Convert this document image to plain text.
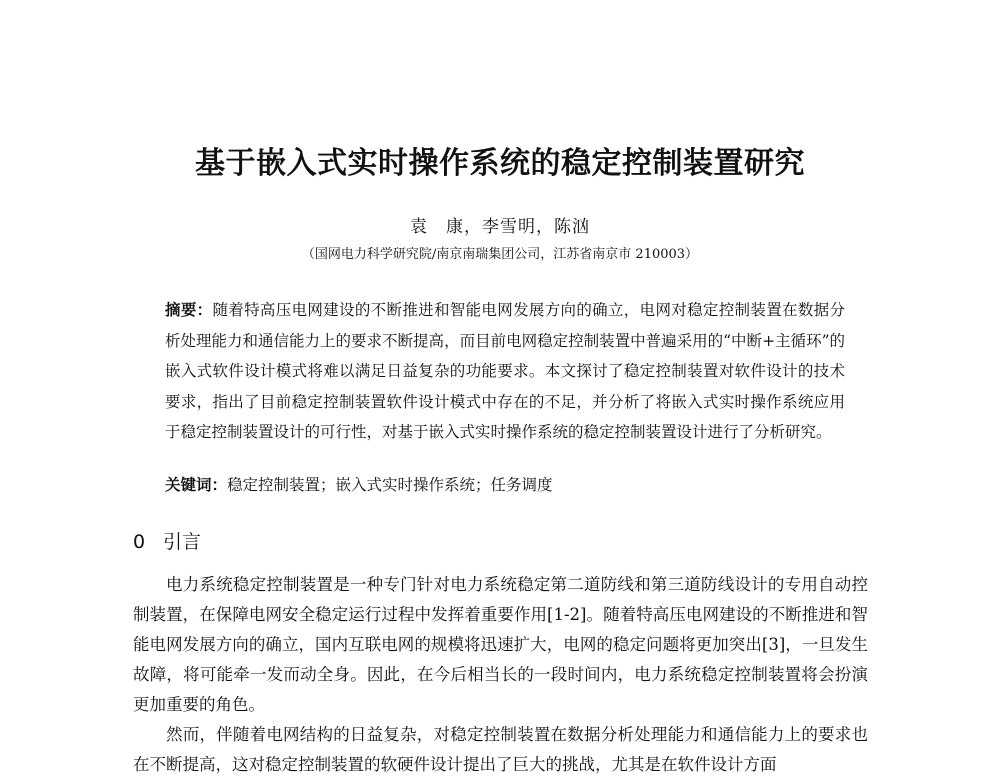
基于嵌入式实时操作系统的稳定控制装置研究
袁　康，李雪明，陈汹
（国网电力科学研究院/南京南瑞集团公司，江苏省南京市 210003）
摘要：随着特高压电网建设的不断推进和智能电网发展方向的确立，电网对稳定控制装置在数据分析处理能力和通信能力上的要求不断提高，而目前电网稳定控制装置中普遍采用的“中断+主循环”的嵌入式软件设计模式将难以满足日益复杂的功能要求。本文探讨了稳定控制装置对软件设计的技术要求，指出了目前稳定控制装置软件设计模式中存在的不足，并分析了将嵌入式实时操作系统应用于稳定控制装置设计的可行性，对基于嵌入式实时操作系统的稳定控制装置设计进行了分析研究。
关键词：稳定控制装置；嵌入式实时操作系统；任务调度
0 引言

电力系统稳定控制装置是一种专门针对电力系统稳定第二道防线和第三道防线设计的专用自动控制装置，在保障电网安全稳定运行过程中发挥着重要作用[1-2]。随着特高压电网建设的不断推进和智能电网发展方向的确立，国内互联电网的规模将迅速扩大，电网的稳定问题将更加突出[3]，一旦发生故障，将可能牵一发而动全身。因此，在今后相当长的一段时间内，电力系统稳定控制装置将会扮演更加重要的角色。

然而，伴随着电网结构的日益复杂，对稳定控制装置在数据分析处理能力和通信能力上的要求也在不断提高，这对稳定控制装置的软硬件设计提出了巨大的挑战，尤其是在软件设计方面
